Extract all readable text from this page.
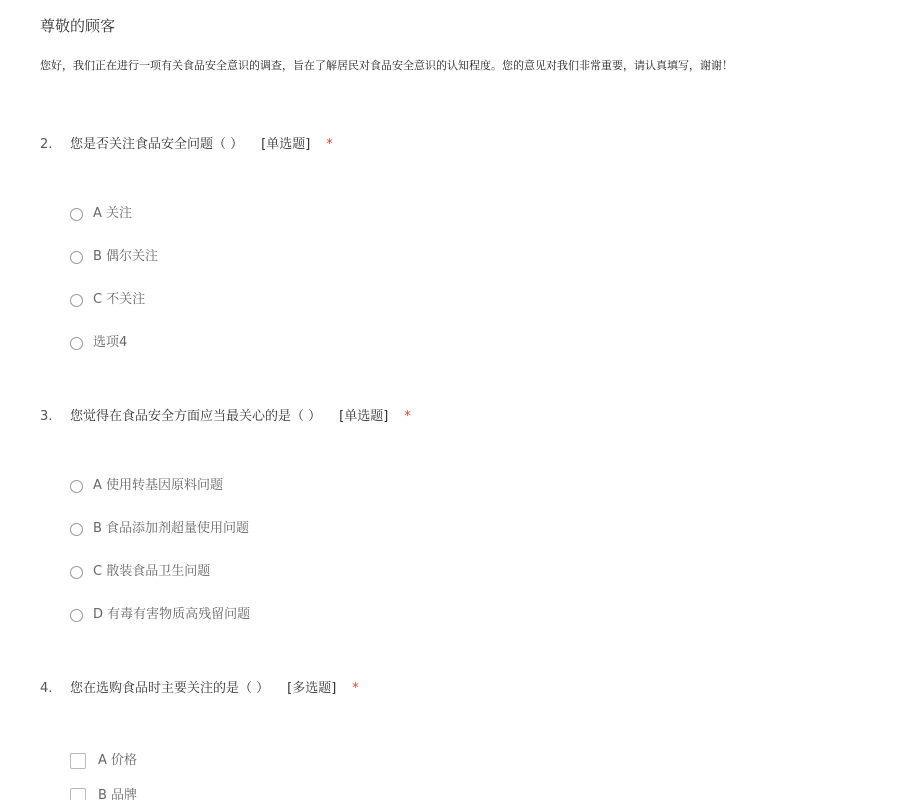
尊敬的顾客
您好，我们正在进行一项有关食品安全意识的调查，旨在了解居民对食品安全意识的认知程度。您的意见对我们非常重要，请认真填写，谢谢！
2. 您是否关注食品安全问题（ ） [单选题] *
A 关注
B 偶尔关注
C 不关注
选项4
3. 您觉得在食品安全方面应当最关心的是（ ） [单选题] *
A 使用转基因原料问题
B 食品添加剂超量使用问题
C 散装食品卫生问题
D 有毒有害物质高残留问题
4. 您在选购食品时主要关注的是（ ） [多选题] *
A 价格
B 品牌
